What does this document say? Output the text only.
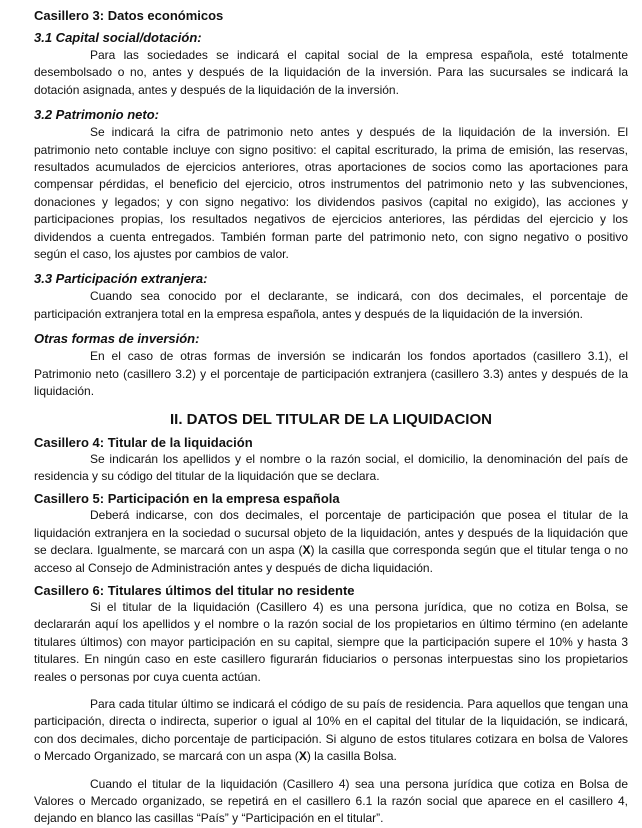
Casillero 3: Datos económicos

3.1 Capital social/dotación:

Para las sociedades se indicará el capital social de la empresa española, esté totalmente desembolsado o no, antes y después de la liquidación de la inversión. Para las sucursales se indicará la dotación asignada, antes y después de la liquidación de la inversión.

3.2 Patrimonio neto:

Se indicará la cifra de patrimonio neto antes y después de la liquidación de la inversión. El patrimonio neto contable incluye con signo positivo: el capital escriturado, la prima de emisión, las reservas, resultados acumulados de ejercicios anteriores, otras aportaciones de socios como las aportaciones para compensar pérdidas, el beneficio del ejercicio, otros instrumentos del patrimonio neto y las subvenciones, donaciones y legados; y con signo negativo: los dividendos pasivos (capital no exigido), las acciones y participaciones propias, los resultados negativos de ejercicios anteriores, las pérdidas del ejercicio y los dividendos a cuenta entregados. También forman parte del patrimonio neto, con signo negativo o positivo según el caso, los ajustes por cambios de valor.

3.3 Participación extranjera:

Cuando sea conocido por el declarante, se indicará, con dos decimales, el porcentaje de participación extranjera total en la empresa española, antes y después de la liquidación de la inversión.

Otras formas de inversión:

En el caso de otras formas de inversión se indicarán los fondos aportados (casillero 3.1), el Patrimonio neto (casillero 3.2) y el porcentaje de participación extranjera (casillero 3.3) antes y después de la liquidación.

II. DATOS DEL TITULAR DE LA LIQUIDACION

Casillero 4: Titular de la liquidación

Se indicarán los apellidos y el nombre o la razón social, el domicilio, la denominación del país de residencia y su código del titular de la liquidación que se declara.

Casillero 5: Participación en la empresa española

Deberá indicarse, con dos decimales, el porcentaje de participación que posea el titular de la liquidación extranjera en la sociedad o sucursal objeto de la liquidación, antes y después de la liquidación que se declara. Igualmente, se marcará con un aspa (X) la casilla que corresponda según que el titular tenga o no acceso al Consejo de Administración antes y después de dicha liquidación.

Casillero 6: Titulares últimos del titular no residente

Si el titular de la liquidación (Casillero 4) es una persona jurídica, que no cotiza en Bolsa, se declararán aquí los apellidos y el nombre o la razón social de los propietarios en último término (en adelante titulares últimos) con mayor participación en su capital, siempre que la participación supere el 10% y hasta 3 titulares. En ningún caso en este casillero figurarán fiduciarios o personas interpuestas sino los propietarios reales o personas por cuya cuenta actúan.

Para cada titular último se indicará el código de su país de residencia. Para aquellos que tengan una participación, directa o indirecta, superior o igual al 10% en el capital del titular de la liquidación, se indicará, con dos decimales, dicho porcentaje de participación. Si alguno de estos titulares cotizara en bolsa de Valores o Mercado Organizado, se marcará con un aspa (X) la casilla Bolsa.

Cuando el titular de la liquidación (Casillero 4) sea una persona jurídica que cotiza en Bolsa de Valores o Mercado organizado, se repetirá en el casillero 6.1 la razón social que aparece en el casillero 4, dejando en blanco las casillas “País” y “Participación en el titular”.
